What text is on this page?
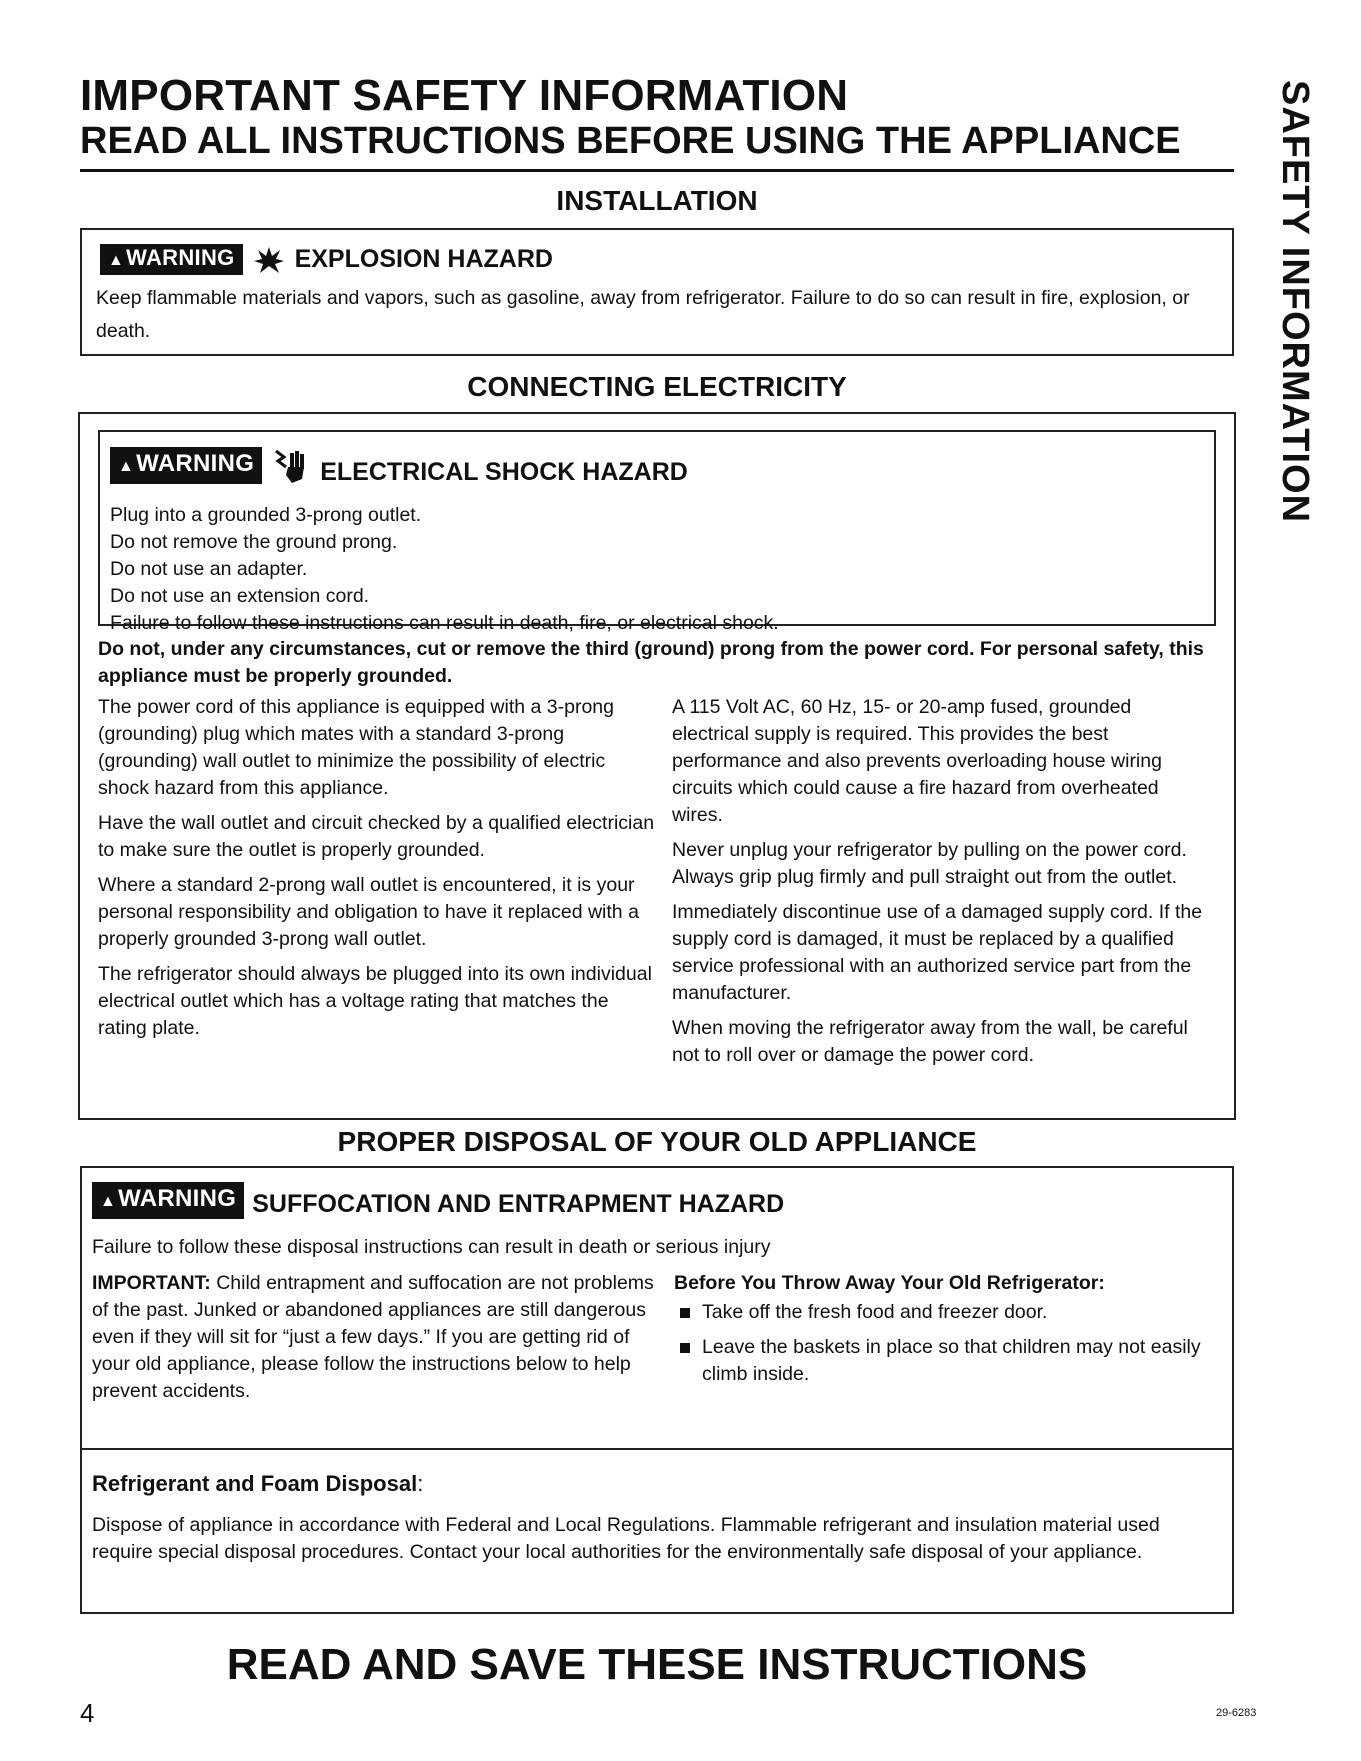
IMPORTANT SAFETY INFORMATION
READ ALL INSTRUCTIONS BEFORE USING THE APPLIANCE SAFETY INFORMATION
INSTALLATION
▲WARNING	EXPLOSION HAZARD
Keep flammable materials and vapors, such as gasoline, away from refrigerator. Failure to do so can result in fire, explosion, or death.
CONNECTING ELECTRICITY
▲WARNING	ELECTRICAL SHOCK HAZARD
Plug into a grounded 3-prong outlet.
Do not remove the ground prong.
Do not use an adapter.
Do not use an extension cord.
Failure to follow these instructions can result in death, fire, or electrical shock.
Do not, under any circumstances, cut or remove the third (ground) prong from the power cord. For personal safety, this appliance must be properly grounded.

The power cord of this appliance is equipped with a 3-prong (grounding) plug which mates with a standard 3-prong (grounding) wall outlet to minimize the possibility of electric shock hazard from this appliance.

Have the wall outlet and circuit checked by a qualified electrician to make sure the outlet is properly grounded.

Where a standard 2-prong wall outlet is encountered, it is your personal responsibility and obligation to have it replaced with a properly grounded 3-prong wall outlet.

The refrigerator should always be plugged into its own individual electrical outlet which has a voltage rating that matches the rating plate.

A 115 Volt AC, 60 Hz, 15- or 20-amp fused, grounded electrical supply is required. This provides the best performance and also prevents overloading house wiring circuits which could cause a fire hazard from overheated wires.

Never unplug your refrigerator by pulling on the power cord. Always grip plug firmly and pull straight out from the outlet.

Immediately discontinue use of a damaged supply cord. If the supply cord is damaged, it must be replaced by a qualified service professional with an authorized service part from the manufacturer.

When moving the refrigerator away from the wall, be careful not to roll over or damage the power cord.

PROPER DISPOSAL OF YOUR OLD APPLIANCE
▲WARNING SUFFOCATION AND ENTRAPMENT HAZARD
Failure to follow these disposal instructions can result in death or serious injury

IMPORTANT: Child entrapment and suffocation are not problems of the past. Junked or abandoned appliances are still dangerous even if they will sit for “just a few days.” If you are getting rid of your old appliance, please follow the instructions below to help prevent accidents.

Before You Throw Away Your Old Refrigerator:
Take off the fresh food and freezer door.
Leave the baskets in place so that children may not easily climb inside.
Refrigerant and Foam Disposal:
Dispose of appliance in accordance with Federal and Local Regulations. Flammable refrigerant and insulation material used require special disposal procedures. Contact your local authorities for the environmentally safe disposal of your appliance.
READ AND SAVE THESE INSTRUCTIONS
4	29-6283
